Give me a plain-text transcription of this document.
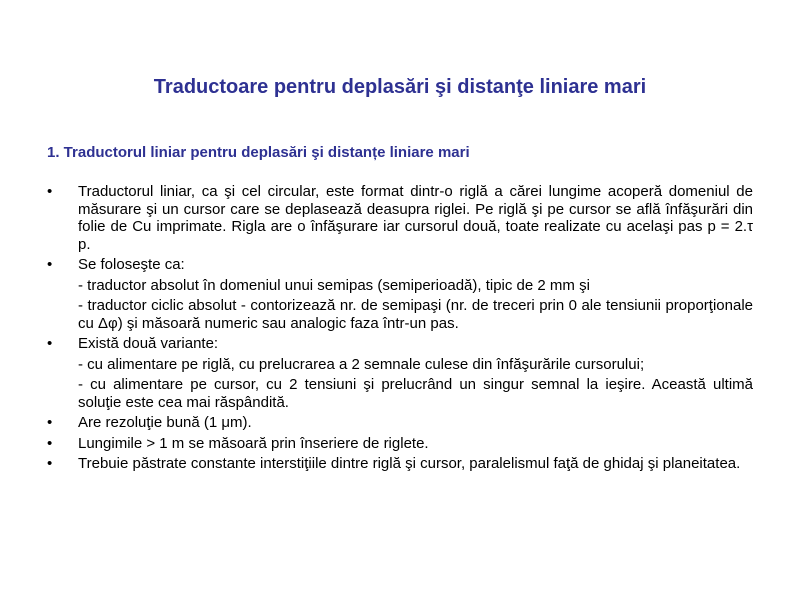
Traductoare pentru deplasări şi distanţe liniare mari
1. Traductorul liniar pentru deplasări şi distanțe liniare mari
•	Traductorul liniar, ca şi cel circular, este format dintr-o riglă a cărei lungime acoperă domeniul de măsurare şi un cursor care se deplasează deasupra riglei. Pe riglă şi pe cursor se află înfăşurări din folie de Cu imprimate. Rigla are o înfăşurare iar cursorul două, toate realizate cu acelaşi pas p = 2.τ p.
•	Se foloseşte ca:
- traductor absolut în domeniul unui semipas (semiperioadă), tipic de 2 mm şi
- traductor ciclic absolut - contorizează nr. de semipaşi (nr. de treceri prin 0 ale tensiunii proporţionale cu Δφ) şi măsoară numeric sau analogic faza într-un pas.
•	Există două variante:
- cu alimentare pe riglă, cu prelucrarea a 2 semnale culese din înfăşurările cursorului;
- cu alimentare pe cursor, cu 2 tensiuni şi prelucrând un singur semnal la ieşire. Această ultimă soluţie este cea mai răspândită.
•	Are rezoluţie bună (1 μm).
•	Lungimile > 1 m se măsoară prin înseriere de riglete.
•	Trebuie păstrate constante interstiţiile dintre riglă şi cursor, paralelismul faţă de ghidaj şi planeitatea.
